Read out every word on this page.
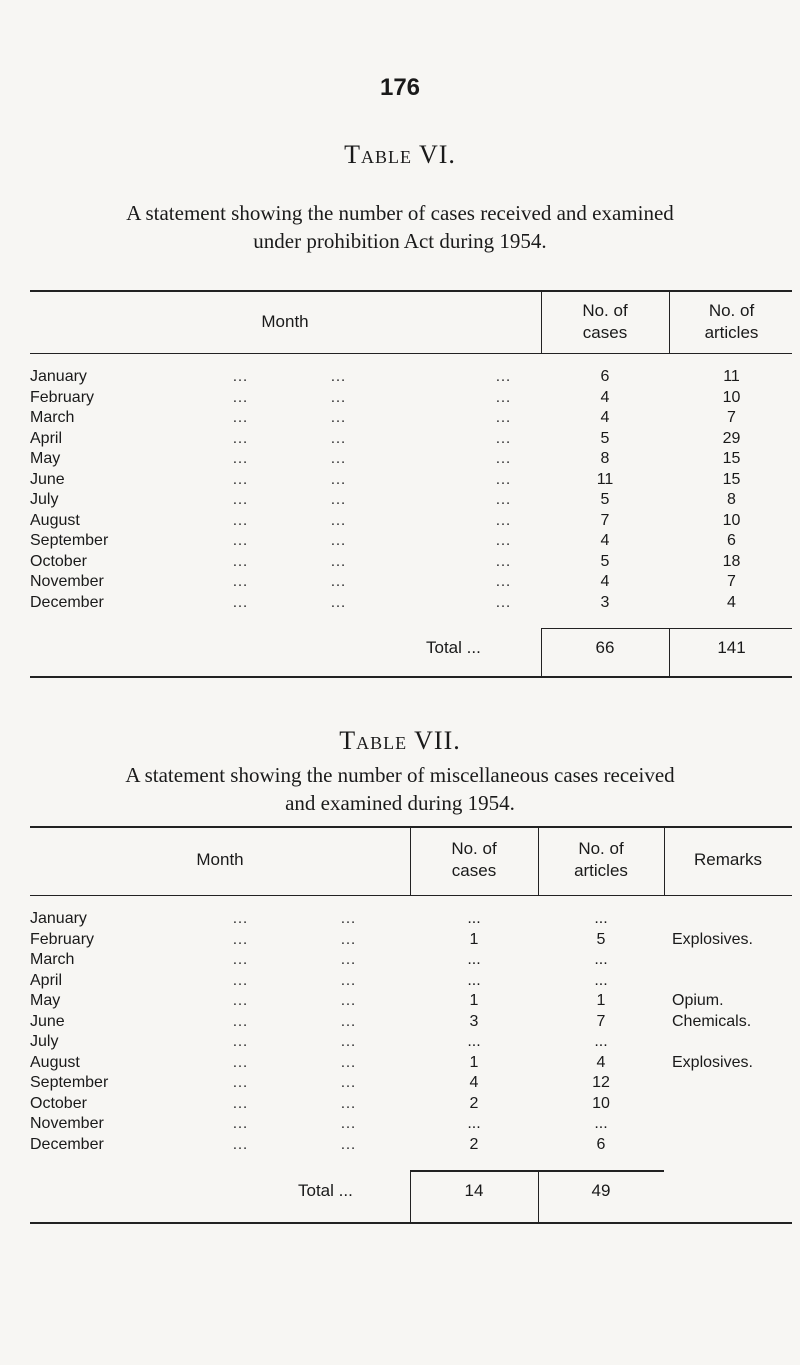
176
Table VI.
A statement showing the number of cases received and examined
under prohibition Act during 1954.
Month
No. of
cases
No. of
articles
January	…	…	…	6	11
February	…	…	…	4	10
March	…	…	…	4	7
April	…	…	…	5	29
May	…	…	…	8	15
June	…	…	…	11	15
July	…	…	…	5	8
August	…	…	…	7	10
September	…	…	…	4	6
October	…	…	…	5	18
November	…	…	…	4	7
December	…	…	…	3	4
Total ...	66	141
Table VII.
A statement showing the number of miscellaneous cases received
and examined during 1954.
Month
No. of
cases
No. of
articles
Remarks
January	…	…	...	...
February	…	…	1	5	Explosives.
March	…	…	...	...
April	…	…	...	...
May	…	…	1	1	Opium.
June	…	…	3	7	Chemicals.
July	…	…	...	...
August	…	…	1	4	Explosives.
September	…	…	4	12
October	…	…	2	10
November	…	…	...	...
December	…	…	2	6
Total ...	14	49
